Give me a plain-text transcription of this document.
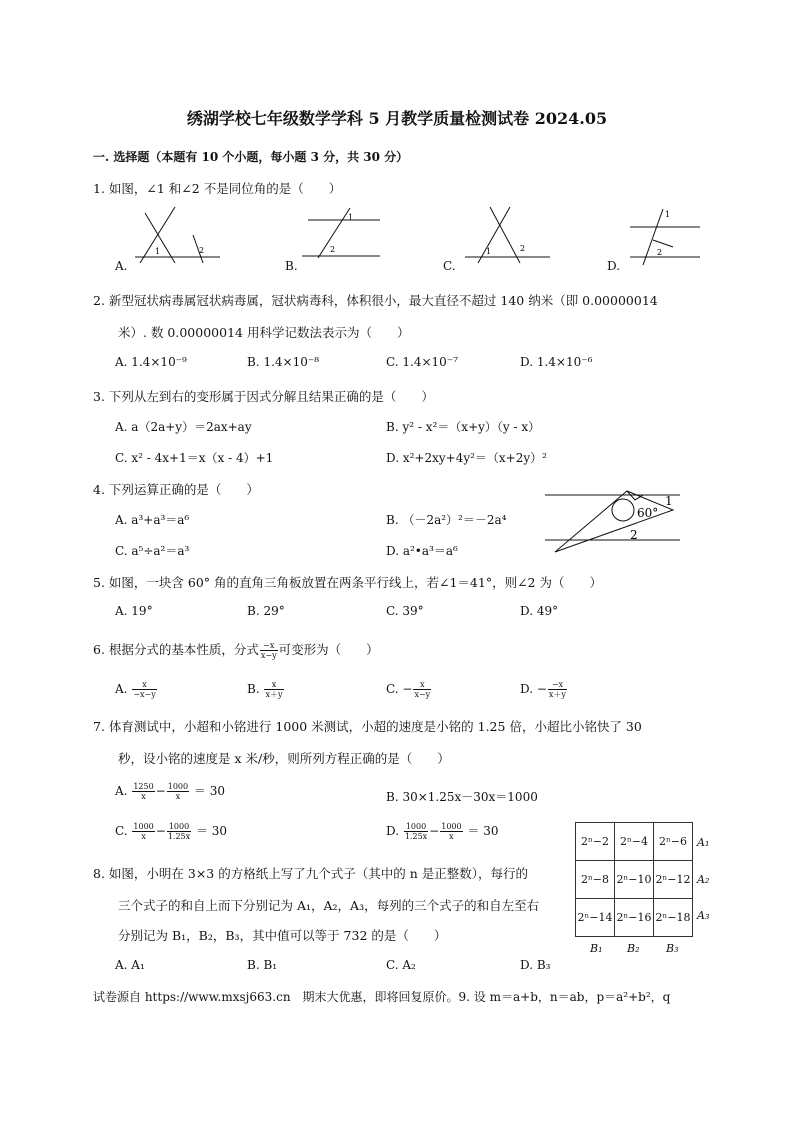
绣湖学校七年级数学学科 5 月教学质量检测试卷 2024.05
一. 选择题（本题有 10 个小题，每小题 3 分，共 30 分）
1. 如图，∠1 和∠2 不是同位角的是（　　）
1	2
A.
1
2
B.
1	2
C.
1
2
D.
2. 新型冠状病毒属冠状病毒属，冠状病毒科，体积很小，最大直径不超过 140 纳米（即 0.00000014
米）. 数 0.00000014 用科学记数法表示为（　　）
A. 1.4×10⁻⁹	B. 1.4×10⁻⁸	C. 1.4×10⁻⁷	D. 1.4×10⁻⁶
3. 下列从左到右的变形属于因式分解且结果正确的是（　　）
A. a（2a+y）＝2ax+ay	B. y² - x²＝（x+y）（y - x）
C. x² - 4x+1＝x（x - 4）+1	D. x²+2xy+4y²＝（x+2y）²
4. 下列运算正确的是（　　）
A. a³+a³＝a⁶	B. （－2a²）²＝－2a⁴
C. a⁵÷a²＝a³	D. a²•a³＝a⁶
60°
1
2
5. 如图，一块含 60° 角的直角三角板放置在两条平行线上，若∠1＝41°，则∠2 为（　　）
A. 19°	B. 29°	C. 39°	D. 49°
6. 根据分式的基本性质，分式 $\frac{-x}{x-y}$ 可变形为（　　）
A. $\frac{x}{-x-y}$	B. $\frac{x}{x+y}$	C. − $\frac{x}{x-y}$	D. − $\frac{-x}{x+y}$
7. 体育测试中，小超和小铭进行 1000 米测试，小超的速度是小铭的 1.25 倍，小超比小铭快了 30
秒，设小铭的速度是 x 米/秒，则所列方程正确的是（　　）
A. $\frac{1250}{x} - \frac{1000}{x} = 30$	B. 30×1.25x－30x＝1000
C. $\frac{1000}{x} - \frac{1000}{1.25x} = 30$	D. $\frac{1000}{1.25x} - \frac{1000}{x} = 30$
2ⁿ−2	2ⁿ−4	2ⁿ−6
2ⁿ−8	2ⁿ−10	2ⁿ−12
2ⁿ−14	2ⁿ−16	2ⁿ−18
A₁
A₂
A₃
B₁ B₂ B₃
8. 如图，小明在 3×3 的方格纸上写了九个式子（其中的 n 是正整数），每行的
三个式子的和自上而下分别记为 A₁，A₂，A₃，每列的三个式子的和自左至右
分别记为 B₁，B₂，B₃，其中值可以等于 732 的是（　　）
A. A₁	B. B₁	C. A₂	D. B₃
试卷源自 https://www.mxsj663.cn　期末大优惠，即将回复原价。9. 设 m＝a+b，n＝ab，p＝a²+b²，q
